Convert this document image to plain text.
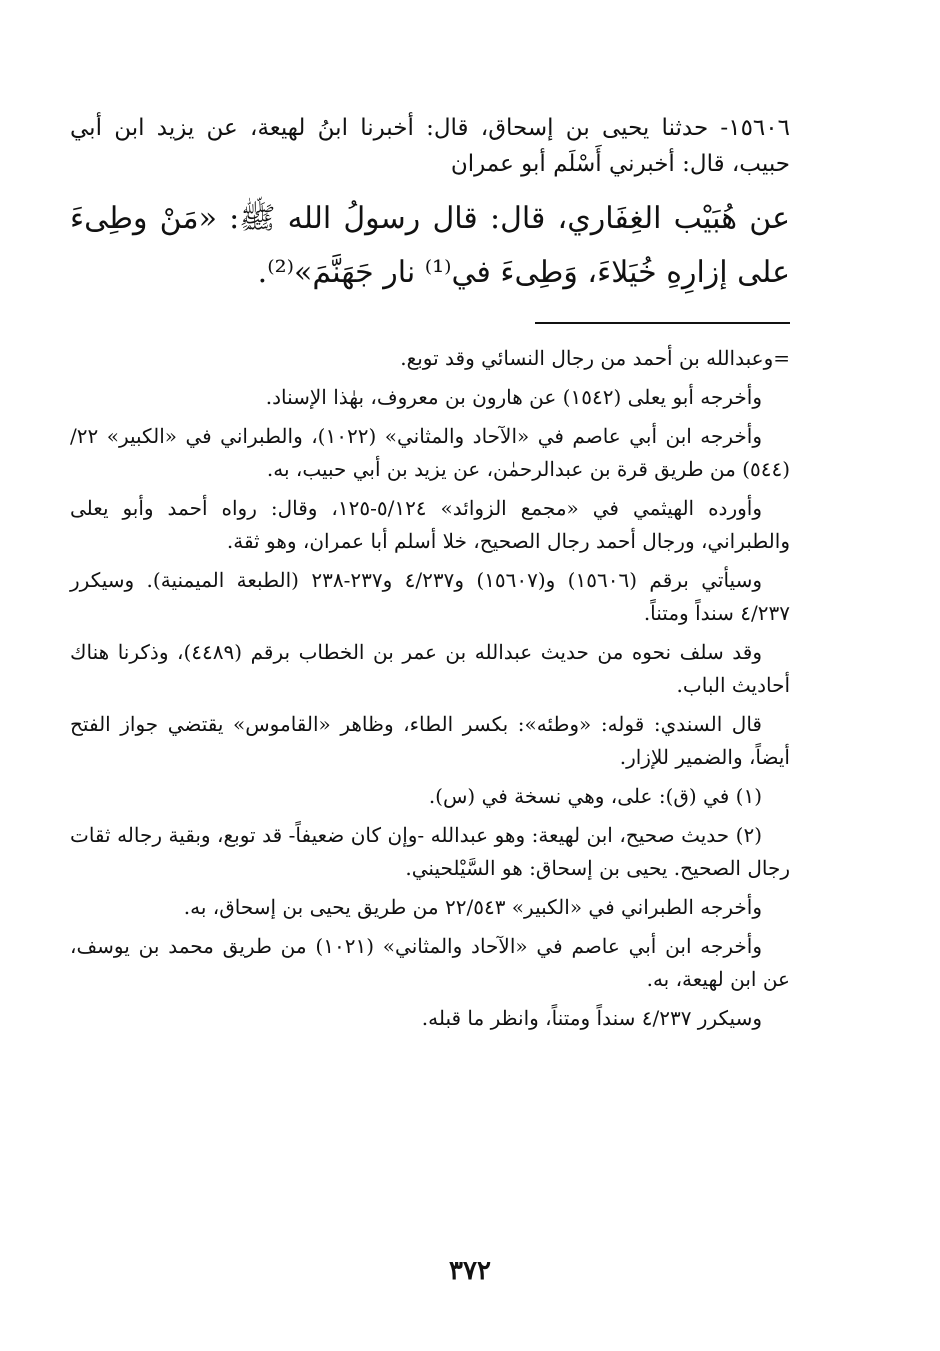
١٥٦٠٦- حدثنا يحيى بن إسحاق، قال: أخبرنا ابنُ لهيعة، عن يزيد ابن أبي حبيب، قال: أخبرني أَسْلَم أبو عمران

عن هُبَيْب الغِفَاري، قال: قال رسولُ الله ﷺ: «مَنْ وطِىءَ على إزارِهِ خُيَلاءَ، وَطِىءَ في⁽¹⁾ نار جَهَنَّمَ»⁽²⁾.

=وعبدالله بن أحمد من رجال النسائي وقد توبع.

وأخرجه أبو يعلى (١٥٤٢) عن هارون بن معروف، بهٰذا الإسناد.

وأخرجه ابن أبي عاصم في «الآحاد والمثاني» (١٠٢٢)، والطبراني في «الكبير» ٢٢/ (٥٤٤) من طريق قرة بن عبدالرحمٰن، عن يزيد بن أبي حبيب، به.

وأورده الهيثمي في «مجمع الزوائد» ٥/١٢٤-١٢٥، وقال: رواه أحمد وأبو يعلى والطبراني، ورجال أحمد رجال الصحيح، خلا أسلم أبا عمران، وهو ثقة.

وسيأتي برقم (١٥٦٠٦) و(١٥٦٠٧) و٤/٢٣٧ و٢٣٧-٢٣٨ (الطبعة الميمنية). وسيكرر ٤/٢٣٧ سنداً ومتناً.

وقد سلف نحوه من حديث عبدالله بن عمر بن الخطاب برقم (٤٤٨٩)، وذكرنا هناك أحاديث الباب.

قال السندي: قوله: «وطئه»: بكسر الطاء، وظاهر «القاموس» يقتضي جواز الفتح أيضاً، والضمير للإزار.

(١) في (ق): على، وهي نسخة في (س).

(٢) حديث صحيح، ابن لهيعة: وهو عبدالله -وإن كان ضعيفاً- قد توبع، وبقية رجاله ثقات رجال الصحيح. يحيى بن إسحاق: هو السَّيْلحيني.

وأخرجه الطبراني في «الكبير» ٢٢/٥٤٣ من طريق يحيى بن إسحاق، به.

وأخرجه ابن أبي عاصم في «الآحاد والمثاني» (١٠٢١) من طريق محمد بن يوسف، عن ابن لهيعة، به.

وسيكرر ٤/٢٣٧ سنداً ومتناً، وانظر ما قبله.

٣٧٢
